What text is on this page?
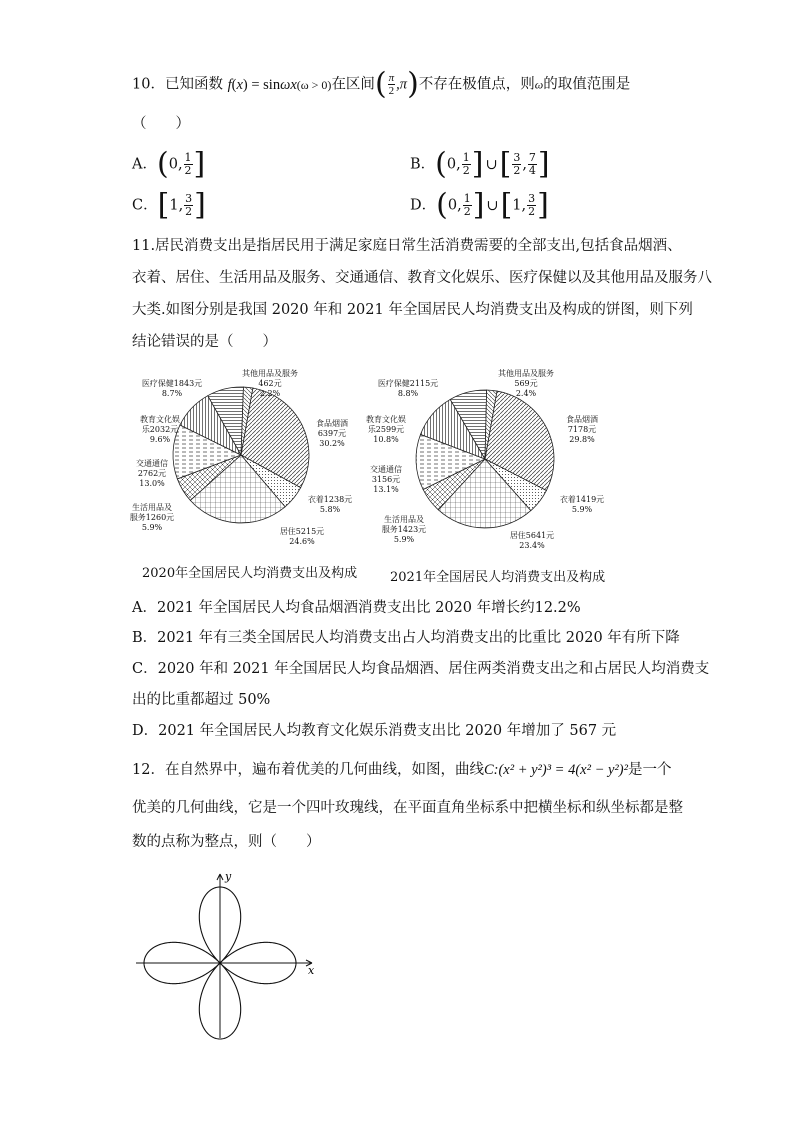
10．已知函数 f(x) = sinωx(ω > 0)在区间( $\frac{\pi}{2} ,\pi$)不存在极值点，则ω的取值范围是
（　　）
A．(0, $\frac{1}{2}$ ]	B．(0, $\frac{1}{2}$ ] ∪[ $\frac{3}{2}$ , $\frac{7}{4}$ ]
C．[1, $\frac{3}{2}$ ]	D．(0, $\frac{1}{2}$ ] ∪[1, $\frac{3}{2}$ ]
11.居民消费支出是指居民用于满足家庭日常生活消费需要的全部支出,包括食品烟酒、
衣着、居住、生活用品及服务、交通通信、教育文化娱乐、医疗保健以及其他用品及服务八
大类.如图分别是我国 2020 年和 2021 年全国居民人均消费支出及构成的饼图，则下列
结论错误的是（　　）
医疗保健1843元
8.7%
其他用品及服务
462元
2.2%
食品烟酒
6397元
30.2%
教育文化娱
乐2032元
9.6%
交通通信
2762元
13.0%
衣着1238元
5.8%
生活用品及
服务1260元
5.9%	居住5215元
24.6%
医疗保健2115元
8.8%
其他用品及服务
569元
2.4%
食品烟酒
7178元
29.8%
教育文化娱
乐2599元
10.8%
交通通信
3156元
13.1%
衣着1419元
5.9%
生活用品及
服务1423元
5.9%	居住5641元
23.4%
2020年全国居民人均消费支出及构成	2021年全国居民人均消费支出及构成
A．2021 年全国居民人均食品烟酒消费支出比 2020 年增长约12.2%
B．2021 年有三类全国居民人均消费支出占人均消费支出的比重比 2020 年有所下降
C．2020 年和 2021 年全国居民人均食品烟酒、居住两类消费支出之和占居民人均消费支
出的比重都超过 50%
D．2021 年全国居民人均教育文化娱乐消费支出比 2020 年增加了 567 元
12．在自然界中，遍布着优美的几何曲线，如图，曲线C:(x² + y²)³ = 4(x² − y²)²是一个
优美的几何曲线，它是一个四叶玫瑰线，在平面直角坐标系中把横坐标和纵坐标都是整
数的点称为整点，则（　　）
x
y
